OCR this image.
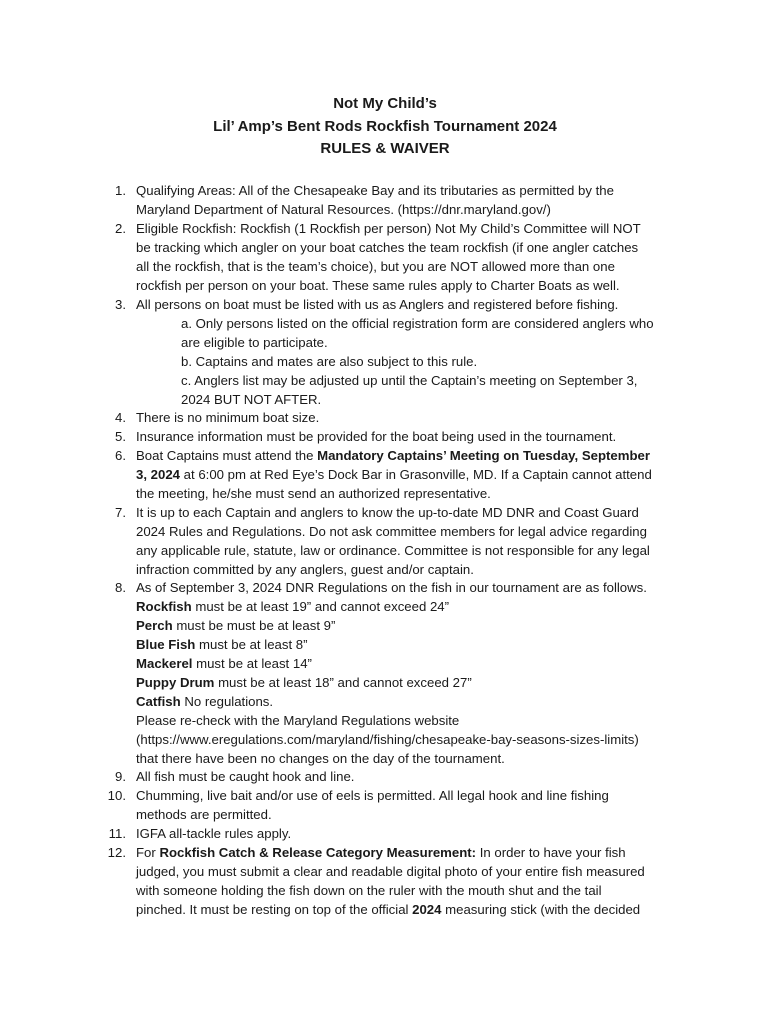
Not My Child’s
Lil’ Amp’s Bent Rods Rockfish Tournament 2024
RULES & WAIVER
1. Qualifying Areas: All of the Chesapeake Bay and its tributaries as permitted by the
Maryland Department of Natural Resources. (https://dnr.maryland.gov/)
2. Eligible Rockfish: Rockfish (1 Rockfish per person) Not My Child’s Committee will NOT
be tracking which angler on your boat catches the team rockfish (if one angler catches
all the rockfish, that is the team’s choice), but you are NOT allowed more than one
rockfish per person on your boat. These same rules apply to Charter Boats as well.
3. All persons on boat must be listed with us as Anglers and registered before fishing.
a. Only persons listed on the official registration form are considered anglers who
are eligible to participate.
b. Captains and mates are also subject to this rule.
c. Anglers list may be adjusted up until the Captain’s meeting on September 3,
2024 BUT NOT AFTER.
4. There is no minimum boat size.
5. Insurance information must be provided for the boat being used in the tournament.
6. Boat Captains must attend the Mandatory Captains’ Meeting on Tuesday, September
3, 2024 at 6:00 pm at Red Eye’s Dock Bar in Grasonville, MD. If a Captain cannot attend
the meeting, he/she must send an authorized representative.
7. It is up to each Captain and anglers to know the up-to-date MD DNR and Coast Guard
2024 Rules and Regulations. Do not ask committee members for legal advice regarding
any applicable rule, statute, law or ordinance. Committee is not responsible for any legal
infraction committed by any anglers, guest and/or captain.
8. As of September 3, 2024 DNR Regulations on the fish in our tournament are as follows.
Rockfish must be at least 19” and cannot exceed 24”
Perch must be must be at least 9”
Blue Fish must be at least 8”
Mackerel must be at least 14”
Puppy Drum must be at least 18” and cannot exceed 27”
Catfish No regulations.
Please re-check with the Maryland Regulations website
(https://www.eregulations.com/maryland/fishing/chesapeake-bay-seasons-sizes-limits)
that there have been no changes on the day of the tournament.
9. All fish must be caught hook and line.
10. Chumming, live bait and/or use of eels is permitted. All legal hook and line fishing
methods are permitted.
11. IGFA all-tackle rules apply.
12. For Rockfish Catch & Release Category Measurement: In order to have your fish
judged, you must submit a clear and readable digital photo of your entire fish measured
with someone holding the fish down on the ruler with the mouth shut and the tail
pinched. It must be resting on top of the official 2024 measuring stick (with the decided
